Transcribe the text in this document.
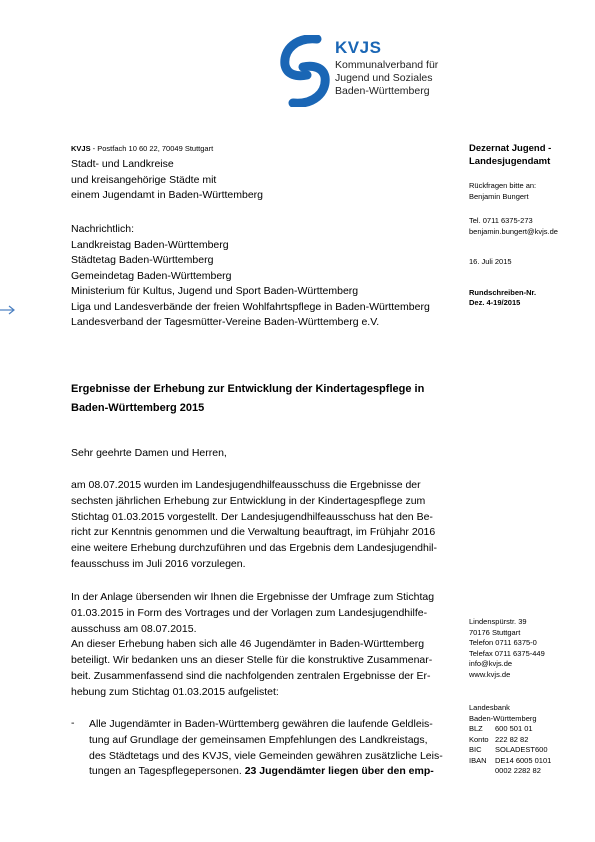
KVJS
Kommunalverband für
Jugend und Soziales
Baden-Württemberg
KVJS - Postfach 10 60 22, 70049 Stuttgart
Stadt- und Landkreise
und kreisangehörige Städte mit
einem Jugendamt in Baden-Württemberg
Nachrichtlich:
Landkreistag Baden-Württemberg
Städtetag Baden-Württemberg
Gemeindetag Baden-Württemberg
Ministerium für Kultus, Jugend und Sport Baden-Württemberg
Liga und Landesverbände der freien Wohlfahrtspflege in Baden-Württemberg
Landesverband der Tagesmütter-Vereine Baden-Württemberg e.V.
Dezernat Jugend -
Landesjugendamt
Rückfragen bitte an:
Benjamin Bungert
Tel. 0711 6375-273
benjamin.bungert@kvjs.de
16. Juli 2015
Rundschreiben-Nr.
Dez. 4-19/2015
Lindenspürstr. 39
70176 Stuttgart
Telefon 0711 6375-0
Telefax 0711 6375-449
info@kvjs.de
www.kvjs.de
Landesbank
Baden-Württemberg
BLZ	600 501 01
Konto 222 82 82
BIC	SOLADEST600
IBAN	DE14 6005 0101
0002 2282 82
Ergebnisse der Erhebung zur Entwicklung der Kindertagespflege in
Baden-Württemberg 2015
Sehr geehrte Damen und Herren,
am 08.07.2015 wurden im Landesjugendhilfeausschuss die Ergebnisse der
sechsten jährlichen Erhebung zur Entwicklung in der Kindertagespflege zum
Stichtag 01.03.2015 vorgestellt. Der Landesjugendhilfeausschuss hat den Be-
richt zur Kenntnis genommen und die Verwaltung beauftragt, im Frühjahr 2016
eine weitere Erhebung durchzuführen und das Ergebnis dem Landesjugendhil-
feausschuss im Juli 2016 vorzulegen.
In der Anlage übersenden wir Ihnen die Ergebnisse der Umfrage zum Stichtag
01.03.2015 in Form des Vortrages und der Vorlagen zum Landesjugendhilfe-
ausschuss am 08.07.2015.
An dieser Erhebung haben sich alle 46 Jugendämter in Baden-Württemberg
beteiligt. Wir bedanken uns an dieser Stelle für die konstruktive Zusammenar-
beit. Zusammenfassend sind die nachfolgenden zentralen Ergebnisse der Er-
hebung zum Stichtag 01.03.2015 aufgelistet:
- Alle Jugendämter in Baden-Württemberg gewähren die laufende Geldleis-
tung auf Grundlage der gemeinsamen Empfehlungen des Landkreistags,
des Städtetags und des KVJS, viele Gemeinden gewähren zusätzliche Leis-
tungen an Tagespflegepersonen. 23 Jugendämter liegen über den emp-
